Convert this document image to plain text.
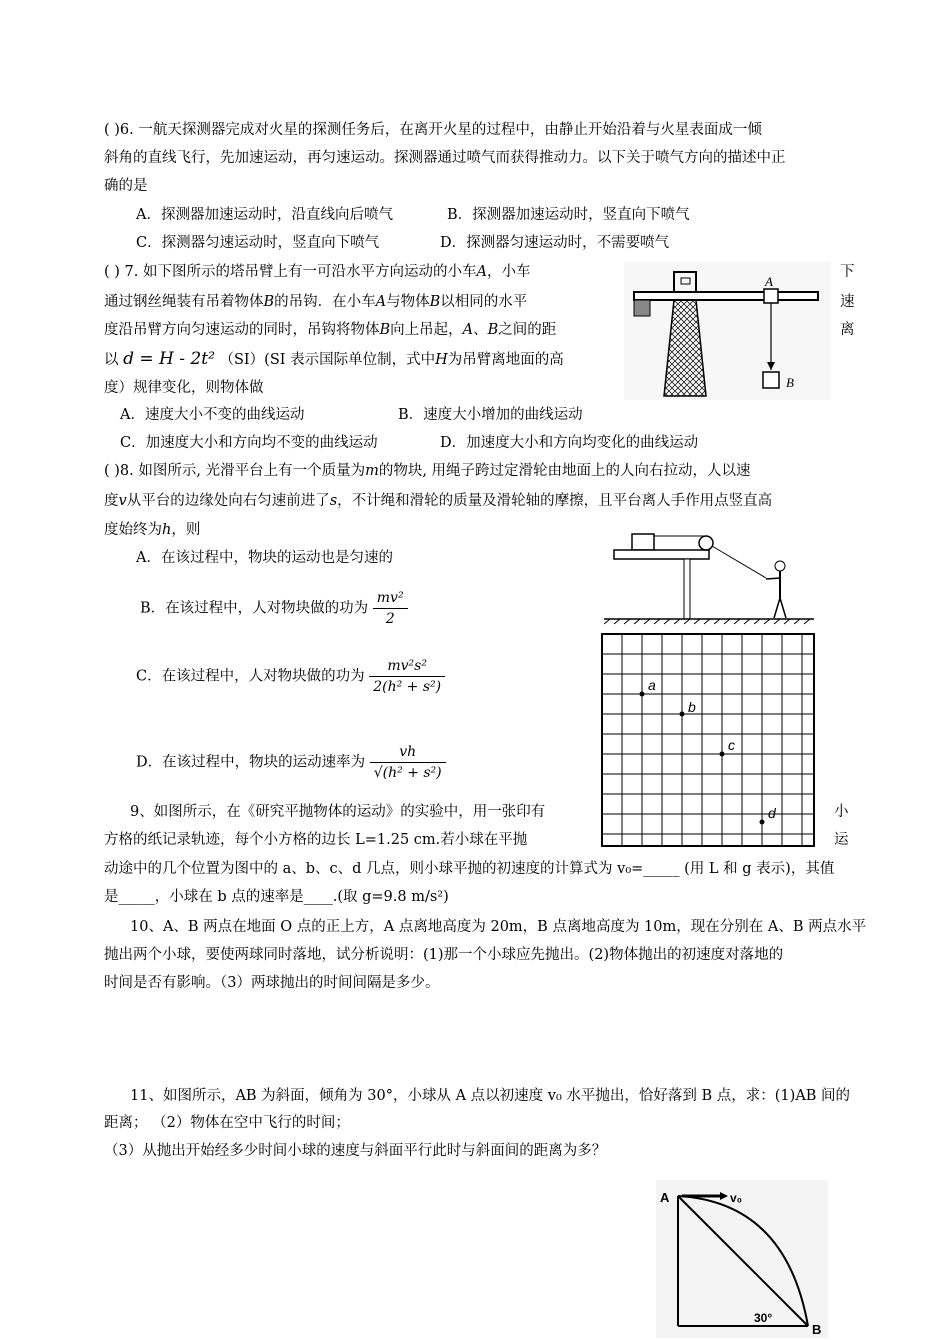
( )6. 一航天探测器完成对火星的探测任务后，在离开火星的过程中，由静止开始沿着与火星表面成一倾
斜角的直线飞行，先加速运动，再匀速运动。探测器通过喷气而获得推动力。以下关于喷气方向的描述中正
确的是
A．探测器加速运动时，沿直线向后喷气	B．探测器加速运动时，竖直向下喷气
C．探测器匀速运动时，竖直向下喷气	D．探测器匀速运动时，不需要喷气
( ) 7. 如下图所示的塔吊臂上有一可沿水平方向运动的小车A，小车	下
通过钢丝绳装有吊着物体B的吊钩．在小车A与物体B以相同的水平	速
度沿吊臂方向匀速运动的同时，吊钩将物体B向上吊起，A、B之间的距	离
以 d = H - 2t² （SI）(SI 表示国际单位制，式中H为吊臂离地面的高
度）规律变化，则物体做
A．速度大小不变的曲线运动	B．速度大小增加的曲线运动
C．加速度大小和方向均不变的曲线运动	D．加速度大小和方向均变化的曲线运动
A
B
( )8. 如图所示, 光滑平台上有一个质量为m的物块, 用绳子跨过定滑轮由地面上的人向右拉动，人以速
度v从平台的边缘处向右匀速前进了s，不计绳和滑轮的质量及滑轮轴的摩擦，且平台离人手作用点竖直高
度始终为h，则
A．在该过程中，物块的运动也是匀速的
B．在该过程中，人对物块做的功为 $\frac{\text{mv²}}{2}$
C．在该过程中，人对物块做的功为 $\frac{\text{mv²s²}}{\text{2(h² + s²)}}$
D．在该过程中，物块的运动速率为 $\frac{vh}{\text{√(h² + s²)}}$
a
b
c
d
9、如图所示，在《研究平抛物体的运动》的实验中，用一张印有	小
方格的纸记录轨迹，每个小方格的边长 L=1.25 cm.若小球在平抛	运
动途中的几个位置为图中的 a、b、c、d 几点，则小球平抛的初速度的计算式为 v₀=_____ (用 L 和 g 表示)，其值
是_____，小球在 b 点的速率是____.(取 g=9.8 m/s²)
10、A、B 两点在地面 O 点的正上方，A 点离地高度为 20m，B 点离地高度为 10m，现在分别在 A、B 两点水平
抛出两个小球，要使两球同时落地，试分析说明：(1)那一个小球应先抛出。(2)物体抛出的初速度对落地的
时间是否有影响。（3）两球抛出的时间间隔是多少。
11、如图所示，AB 为斜面，倾角为 30°，小球从 A 点以初速度 v₀ 水平抛出，恰好落到 B 点，求：(1)AB 间的
距离； （2）物体在空中飞行的时间；
（3）从抛出开始经多少时间小球的速度与斜面平行此时与斜面间的距离为多？
A
B
v₀
30°
